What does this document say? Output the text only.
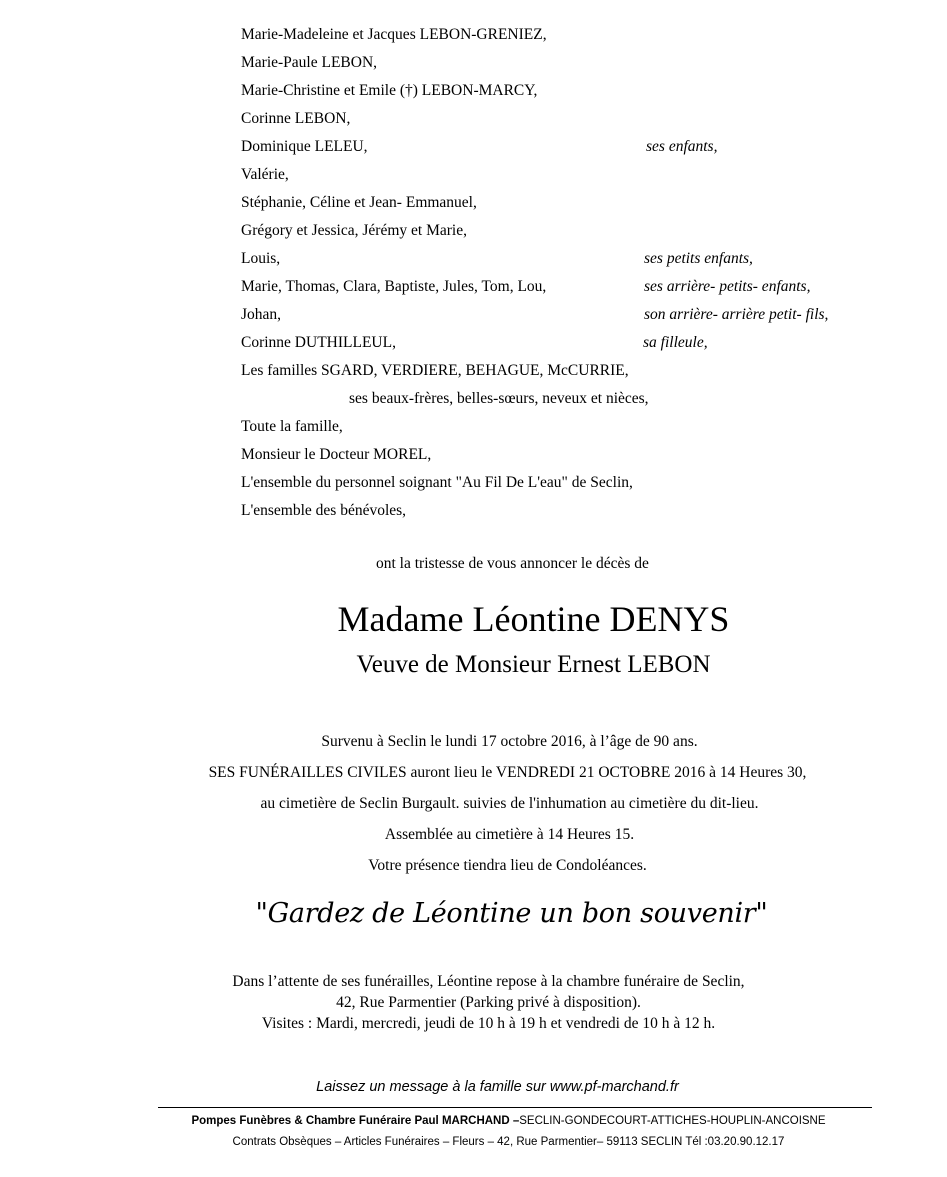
Marie-Madeleine et Jacques LEBON-GRENIEZ,
Marie-Paule LEBON,
Marie-Christine et Emile (†) LEBON-MARCY,
Corinne LEBON,
Dominique LELEU,
Valérie,
Stéphanie, Céline et Jean- Emmanuel,
Grégory et Jessica, Jérémy et Marie,
Louis,
Marie, Thomas, Clara, Baptiste, Jules, Tom, Lou,
Johan,
Corinne DUTHILLEUL,
Les familles SGARD, VERDIERE, BEHAGUE, McCURRIE,
ses beaux-frères, belles-sœurs, neveux et nièces,
Toute la famille,
Monsieur le Docteur MOREL,
L'ensemble du personnel soignant "Au Fil De L'eau" de Seclin,
L'ensemble des bénévoles,
ses enfants,
ses petits enfants,
ses arrière- petits- enfants,
son arrière- arrière petit- fils,
sa filleule,
ont la tristesse de vous annoncer le décès de
Madame Léontine DENYS
Veuve de Monsieur Ernest LEBON
Survenu à Seclin le lundi 17 octobre 2016, à l’âge de 90 ans.
SES FUNÉRAILLES CIVILES auront lieu le VENDREDI 21 OCTOBRE 2016 à 14 Heures 30,
au cimetière de Seclin Burgault. suivies de l'inhumation au cimetière du dit-lieu.
Assemblée au cimetière à 14 Heures 15.
Votre présence tiendra lieu de Condoléances.
"Gardez de Léontine un bon souvenir"
Dans l’attente de ses funérailles, Léontine repose à la chambre funéraire de Seclin,
42, Rue Parmentier (Parking privé à disposition).
Visites : Mardi, mercredi, jeudi de 10 h à 19 h et vendredi de 10 h à 12 h.
Laissez un message à la famille sur www.pf-marchand.fr
Pompes Funèbres & Chambre Funéraire Paul MARCHAND –SECLIN-GONDECOURT-ATTICHES-HOUPLIN-ANCOISNE
Contrats Obsèques – Articles Funéraires – Fleurs – 42, Rue Parmentier– 59113 SECLIN Tél :03.20.90.12.17
